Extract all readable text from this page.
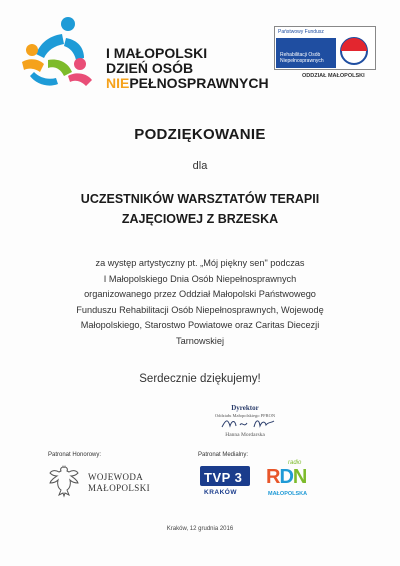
I MAŁOPOLSKI
DZIEŃ OSÓB
NIEPEŁNOSPRAWNYCH
Państwowy Fundusz
Rehabilitacji Osób Niepełnosprawnych
ODDZIAŁ MAŁOPOLSKI
PODZIĘKOWANIE
dla
UCZESTNIKÓW WARSZTATÓW TERAPII
ZAJĘCIOWEJ Z BRZESKA
za występ artystyczny pt. „Mój piękny sen" podczas
I Małopolskiego Dnia Osób Niepełnosprawnych
organizowanego przez Oddział Małopolski Państwowego
Funduszu Rehabilitacji Osób Niepełnosprawnych, Wojewodę
Małopolskiego, Starostwo Powiatowe oraz Caritas Diecezji
Tarnowskiej
Serdecznie dziękujemy!
Dyrektor
Oddziału Małopolskiego PFRON
Hanna Mordarska
Patronat Honorowy:
WOJEWODA
MAŁOPOLSKI
Patronat Medialny:
TVP 3
KRAKÓW
radio
RDN
MAŁOPOLSKA
Kraków, 12 grudnia 2016
